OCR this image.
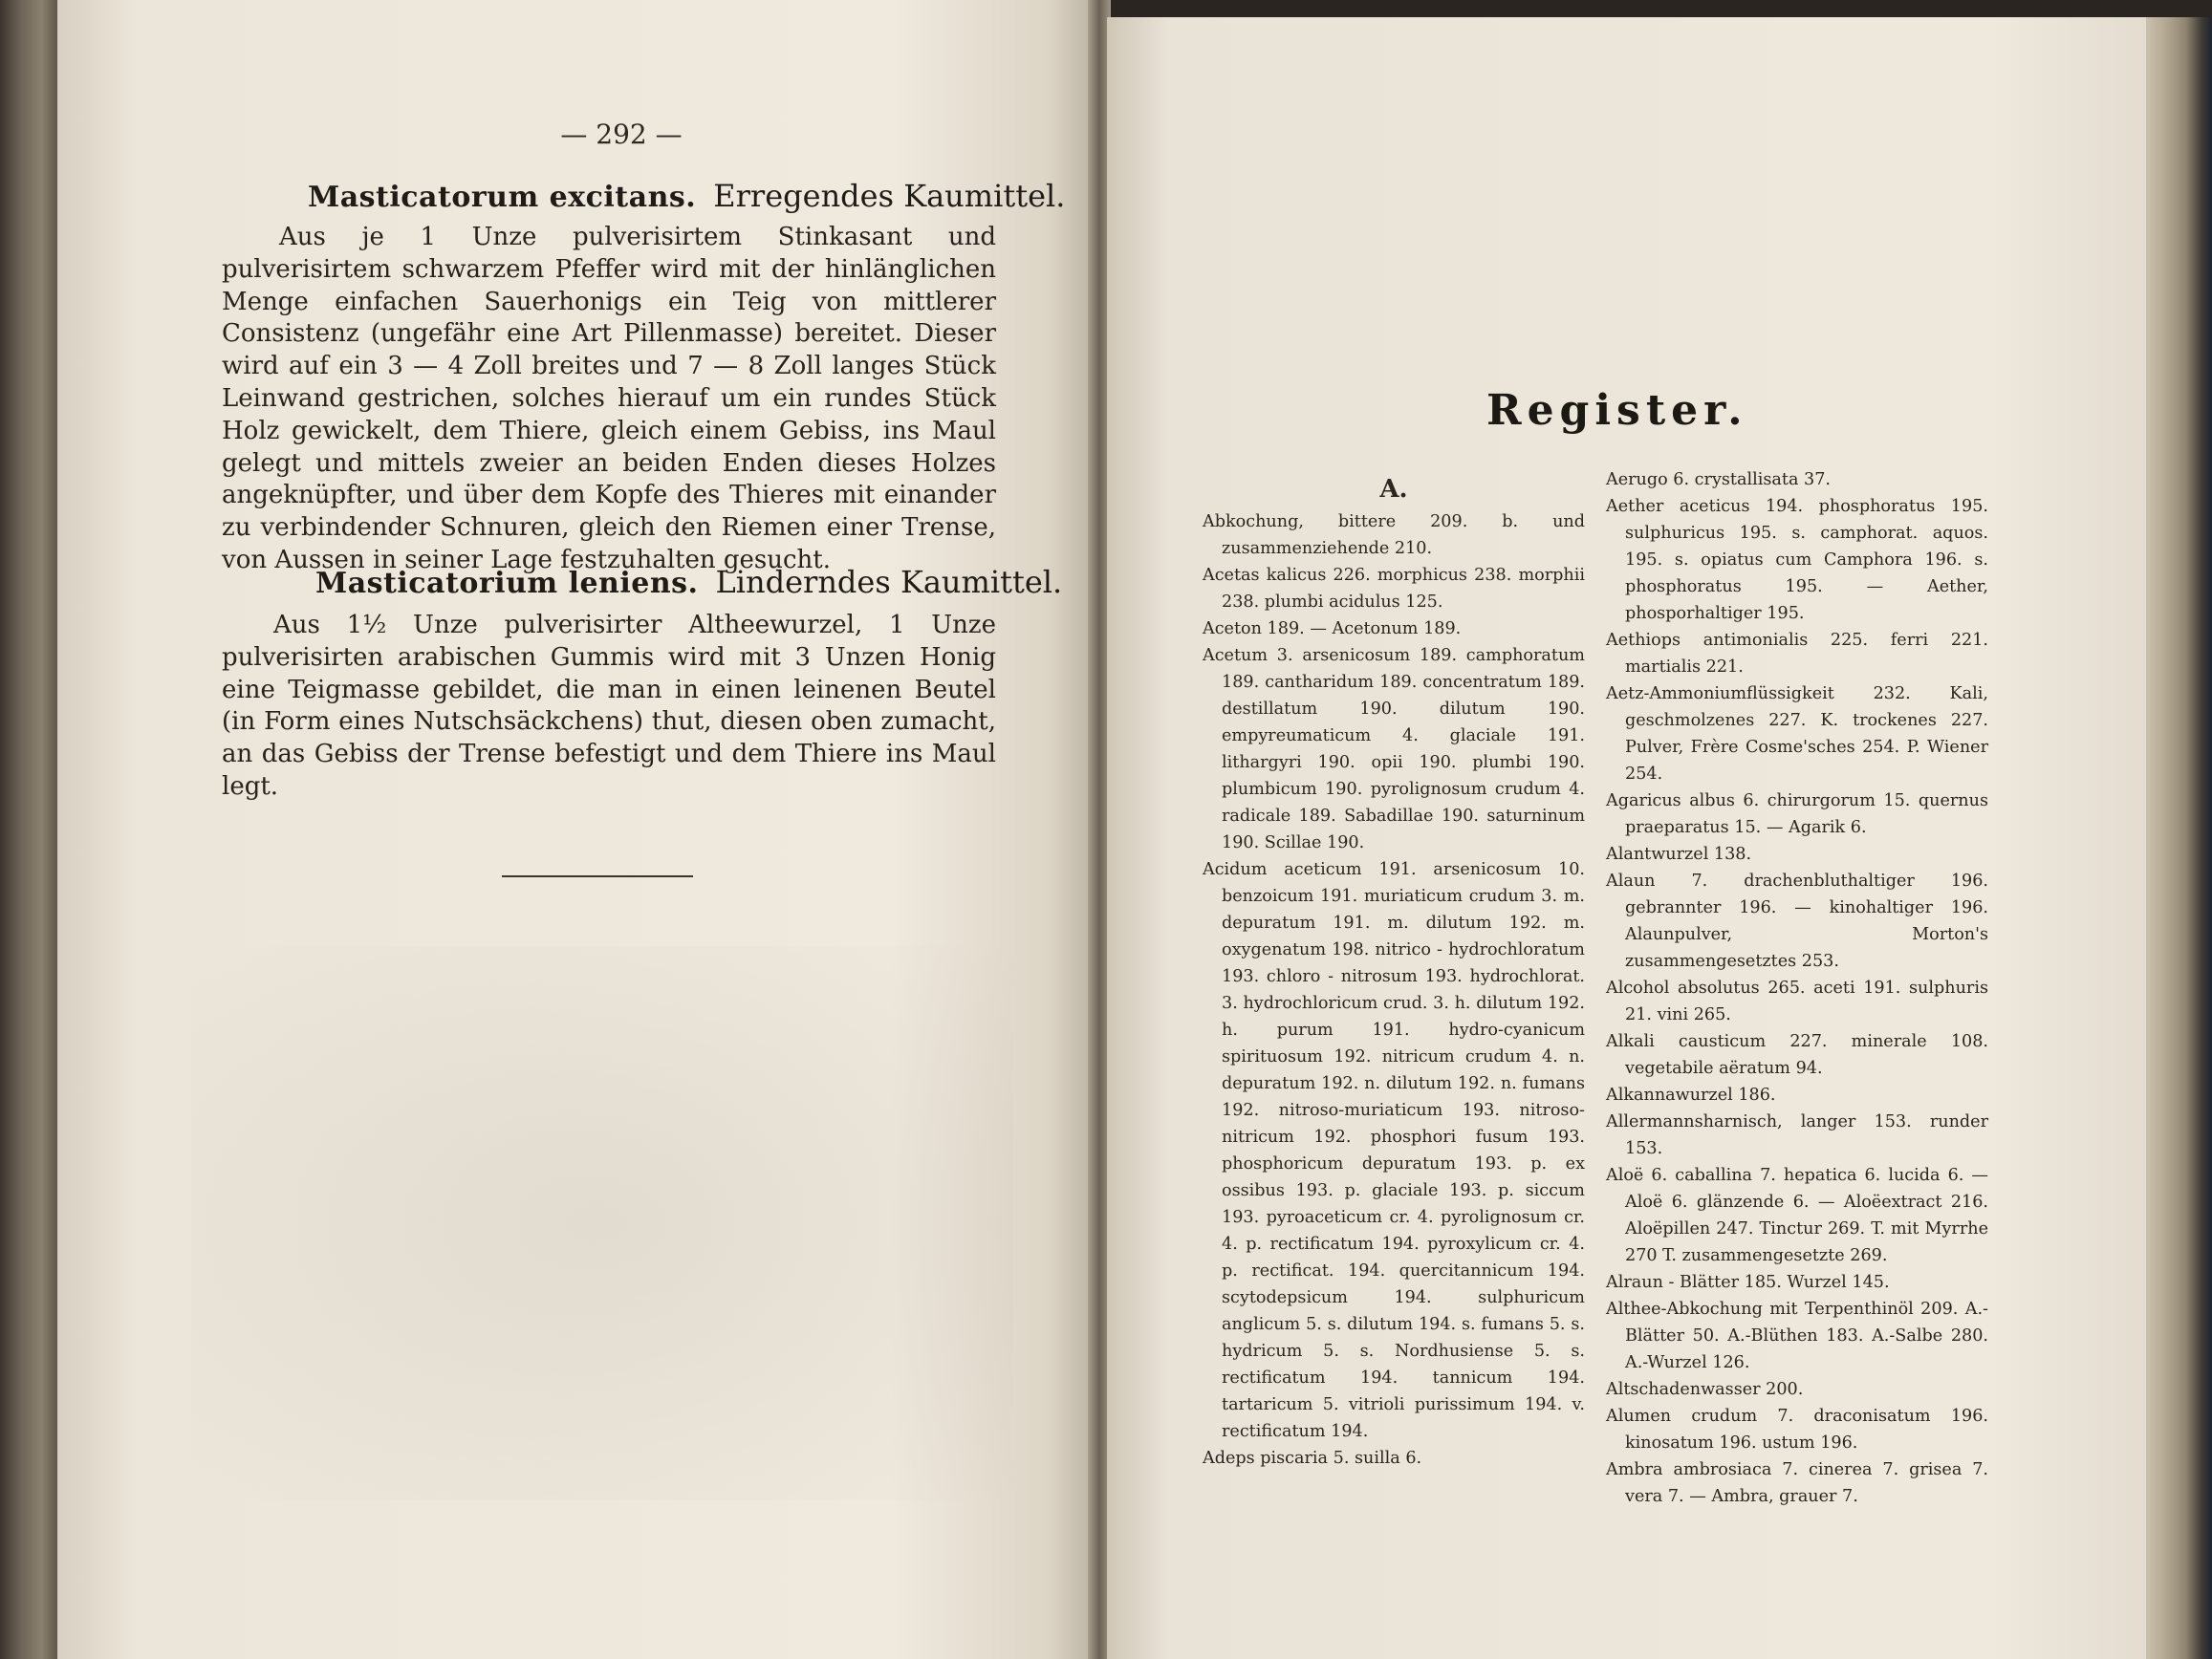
— 292 —
Masticatorum excitans. Erregendes Kaumittel.
Aus je 1 Unze pulverisirtem Stinkasant und pulverisirtem schwarzem Pfeffer wird mit der hinlänglichen Menge einfachen Sauerhonigs ein Teig von mittlerer Consistenz (ungefähr eine Art Pillenmasse) bereitet. Dieser wird auf ein 3 — 4 Zoll breites und 7 — 8 Zoll langes Stück Leinwand gestrichen, solches hierauf um ein rundes Stück Holz gewickelt, dem Thiere, gleich einem Gebiss, ins Maul gelegt und mittels zweier an beiden Enden dieses Holzes angeknüpfter, und über dem Kopfe des Thieres mit einander zu verbindender Schnuren, gleich den Riemen einer Trense, von Aussen in seiner Lage festzuhalten gesucht.
Masticatorium leniens. Linderndes Kaumittel.
Aus 1½ Unze pulverisirter Altheewurzel, 1 Unze pulverisirten arabischen Gummis wird mit 3 Unzen Honig eine Teigmasse gebildet, die man in einen leinenen Beutel (in Form eines Nutschsäckchens) thut, diesen oben zumacht, an das Gebiss der Trense befestigt und dem Thiere ins Maul legt.
Register.
A.
Abkochung, bittere 209. b. und zusammenziehende 210.
Acetas kalicus 226. morphicus 238. morphii 238. plumbi acidulus 125.
Aceton 189. — Acetonum 189.
Acetum 3. arsenicosum 189. camphoratum 189. cantharidum 189. concentratum 189. destillatum 190. dilutum 190. empyreumaticum 4. glaciale 191. lithargyri 190. opii 190. plumbi 190. plumbicum 190. pyrolignosum crudum 4. radicale 189. Sabadillae 190. saturninum 190. Scillae 190.
Acidum aceticum 191. arsenicosum 10. benzoicum 191. muriaticum crudum 3. m. depuratum 191. m. dilutum 192. m. oxygenatum 198. nitrico - hydrochloratum 193. chloro - nitrosum 193. hydrochlorat. 3. hydrochloricum crud. 3. h. dilutum 192. h. purum 191. hydro-cyanicum spirituosum 192. nitricum crudum 4. n. depuratum 192. n. dilutum 192. n. fumans 192. nitroso-muriaticum 193. nitroso-nitricum 192. phosphori fusum 193. phosphoricum depuratum 193. p. ex ossibus 193. p. glaciale 193. p. siccum 193. pyroaceticum cr. 4. pyrolignosum cr. 4. p. rectificatum 194. pyroxylicum cr. 4. p. rectificat. 194. quercitannicum 194. scytodepsicum 194. sulphuricum anglicum 5. s. dilutum 194. s. fumans 5. s. hydricum 5. s. Nordhusiense 5. s. rectificatum 194. tannicum 194. tartaricum 5. vitrioli purissimum 194. v. rectificatum 194.
Adeps piscaria 5. suilla 6.
Aerugo 6. crystallisata 37.
Aether aceticus 194. phosphoratus 195. sulphuricus 195. s. camphorat. aquos. 195. s. opiatus cum Camphora 196. s. phosphoratus 195. — Aether, phosporhaltiger 195.
Aethiops antimonialis 225. ferri 221. martialis 221.
Aetz-Ammoniumflüssigkeit 232. Kali, geschmolzenes 227. K. trockenes 227. Pulver, Frère Cosme'sches 254. P. Wiener 254.
Agaricus albus 6. chirurgorum 15. quernus praeparatus 15. — Agarik 6.
Alantwurzel 138.
Alaun 7. drachenbluthaltiger 196. gebrannter 196. — kinohaltiger 196. Alaunpulver, Morton's zusammengesetztes 253.
Alcohol absolutus 265. aceti 191. sulphuris 21. vini 265.
Alkali causticum 227. minerale 108. vegetabile aëratum 94.
Alkannawurzel 186.
Allermannsharnisch, langer 153. runder 153.
Aloë 6. caballina 7. hepatica 6. lucida 6. — Aloë 6. glänzende 6. — Aloëextract 216. Aloëpillen 247. Tinctur 269. T. mit Myrrhe 270 T. zusammengesetzte 269.
Alraun - Blätter 185. Wurzel 145.
Althee-Abkochung mit Terpenthinöl 209. A.-Blätter 50. A.-Blüthen 183. A.-Salbe 280. A.-Wurzel 126.
Altschadenwasser 200.
Alumen crudum 7. draconisatum 196. kinosatum 196. ustum 196.
Ambra ambrosiaca 7. cinerea 7. grisea 7. vera 7. — Ambra, grauer 7.
